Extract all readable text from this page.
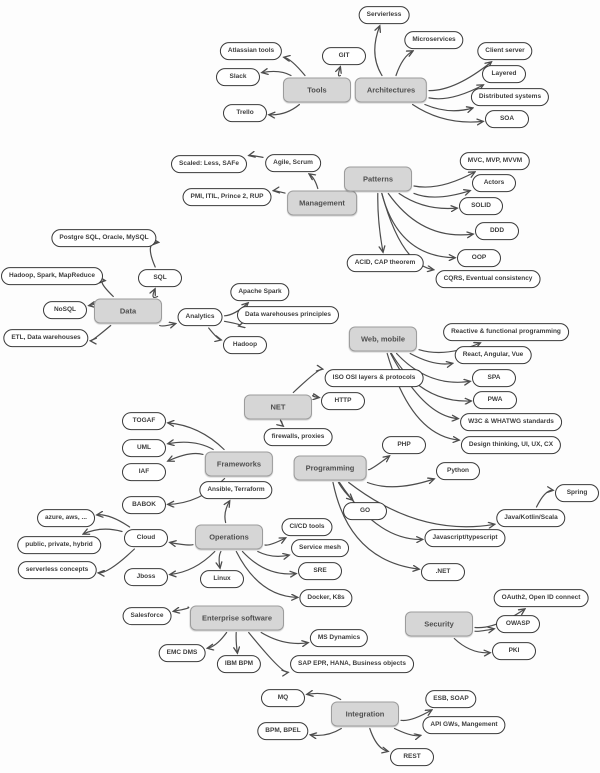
Tools
Atlassian tools
Slack
Trello
GIT
Architectures
Servierless
Microservices
Client server
Layered
Distributed systems
SOA
Management
Agile, Scrum
Scaled: Less, SAFe
PMI, ITIL, Prince 2, RUP
Patterns
MVC, MVP, MVVM
Actors
SOLID
DDD
OOP
CQRS, Eventual consistency
ACID, CAP theorem
Data
SQL
Postgre SQL, Oracle, MySQL
Hadoop, Spark, MapReduce
NoSQL
ETL, Data warehouses
Analytics
Apache Spark
Data warehouses principles
Hadoop
Web, mobile
Reactive & functional programming
React, Angular, Vue
SPA
PWA
W3C & WHATWG standards
Design thinking, UI, UX, CX
NET
ISO OSI layers & protocols
HTTP
firewalls, proxies
Frameworks
TOGAF
UML
IAF
BABOK
Programming
PHP
Python
GO
Java/Kotlin/Scala
Spring
Javascript/typescript
.NET
Operations
Ansible, Terraform
Cloud
Jboss	Linux
CI/CD tools
Service mesh
SRE
Docker, K8s
azure, aws, ...
public, private, hybrid
serverless concepts
Enterprise software
Salesforce
EMC DMS
IBM BPM
MS Dynamics
SAP EPR, HANA, Business objects
Security
OAuth2, Open ID connect
OWASP
PKI
Integration
MQ
BPM, BPEL
ESB, SOAP
API GWs, Mangement
REST
